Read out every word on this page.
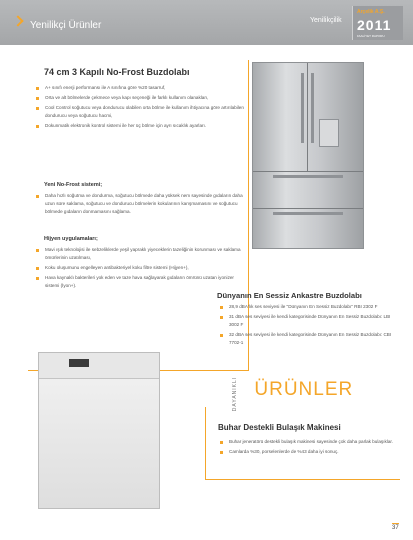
Yenilikçi Ürünler	Yenilikçilik
Arçelik A.Ş.
2011
FAALİYET RAPORU
74 cm 3 Kapılı No-Frost Buzdolabı
A+ sınıfı enerji performansı ile A sınıfına göre %20 tasarruf,
Orta ve alt bölmelerde çekmece veya kapı seçeneği ile farklı kullanım olanakları,
Cool Control soğutucu veya dondurucu olabilen orta bölme ile kullanım ihtiyacına göre artırılabilen dondurucu veya soğutucu hacmi,
Dokunmatik elektronik kontrol sistemi ile her üç bölme için ayrı sıcaklık ayarları.
Yeni No-Frost sistemi;
Daha hızlı soğutma ve dondurma, soğutucu bölmede daha yüksek nem sayesinde gıdaların daha uzun süre saklama, soğutucu ve dondurucu bölmelerin kokularının karışmamasını ve soğutucu bölmede gıdaların donmamasını sağlama.
Hijyen uygulamaları;
Mavi ışık teknolojisi ile sebzeliklerde yeşil yapraklı yiyeceklerin tazeliğinin korunması ve saklama ömürlerinin uzatılması,
Koku oluşumunu engelleyen antibakteriyel koku filtre sistemi (Hijyen+),
Hava kaynaklı bakterileri yok eden ve taze hava sağlayarak gıdaların ömrünü uzatan iyonizer sistemi (İyon+).
Dünyanın En Sessiz Ankastre Buzdolabı
28,9 dBA'lık ses seviyesi ile "Dünyanın En Sessiz Buzdolabı" RBI 2302 F
31 dBA ses seviyesi ile kendi kategorisinde Dünyanın En Sessiz Buzdolabı: LBI 3002 F
32 dBA ses seviyesi ile kendi kategorisinde Dünyanın En Sessiz Buzdolabı: CBI 7702-1
DAYANIKLI ÜRÜNLER
Buhar Destekli Bulaşık Makinesi
Buhar jeneratörü destekli bulaşık makinesi sayesinde çok daha parlak bulaşıklar.
Camlarda %30, porselenlerde de %43 daha iyi sonuç.
37
